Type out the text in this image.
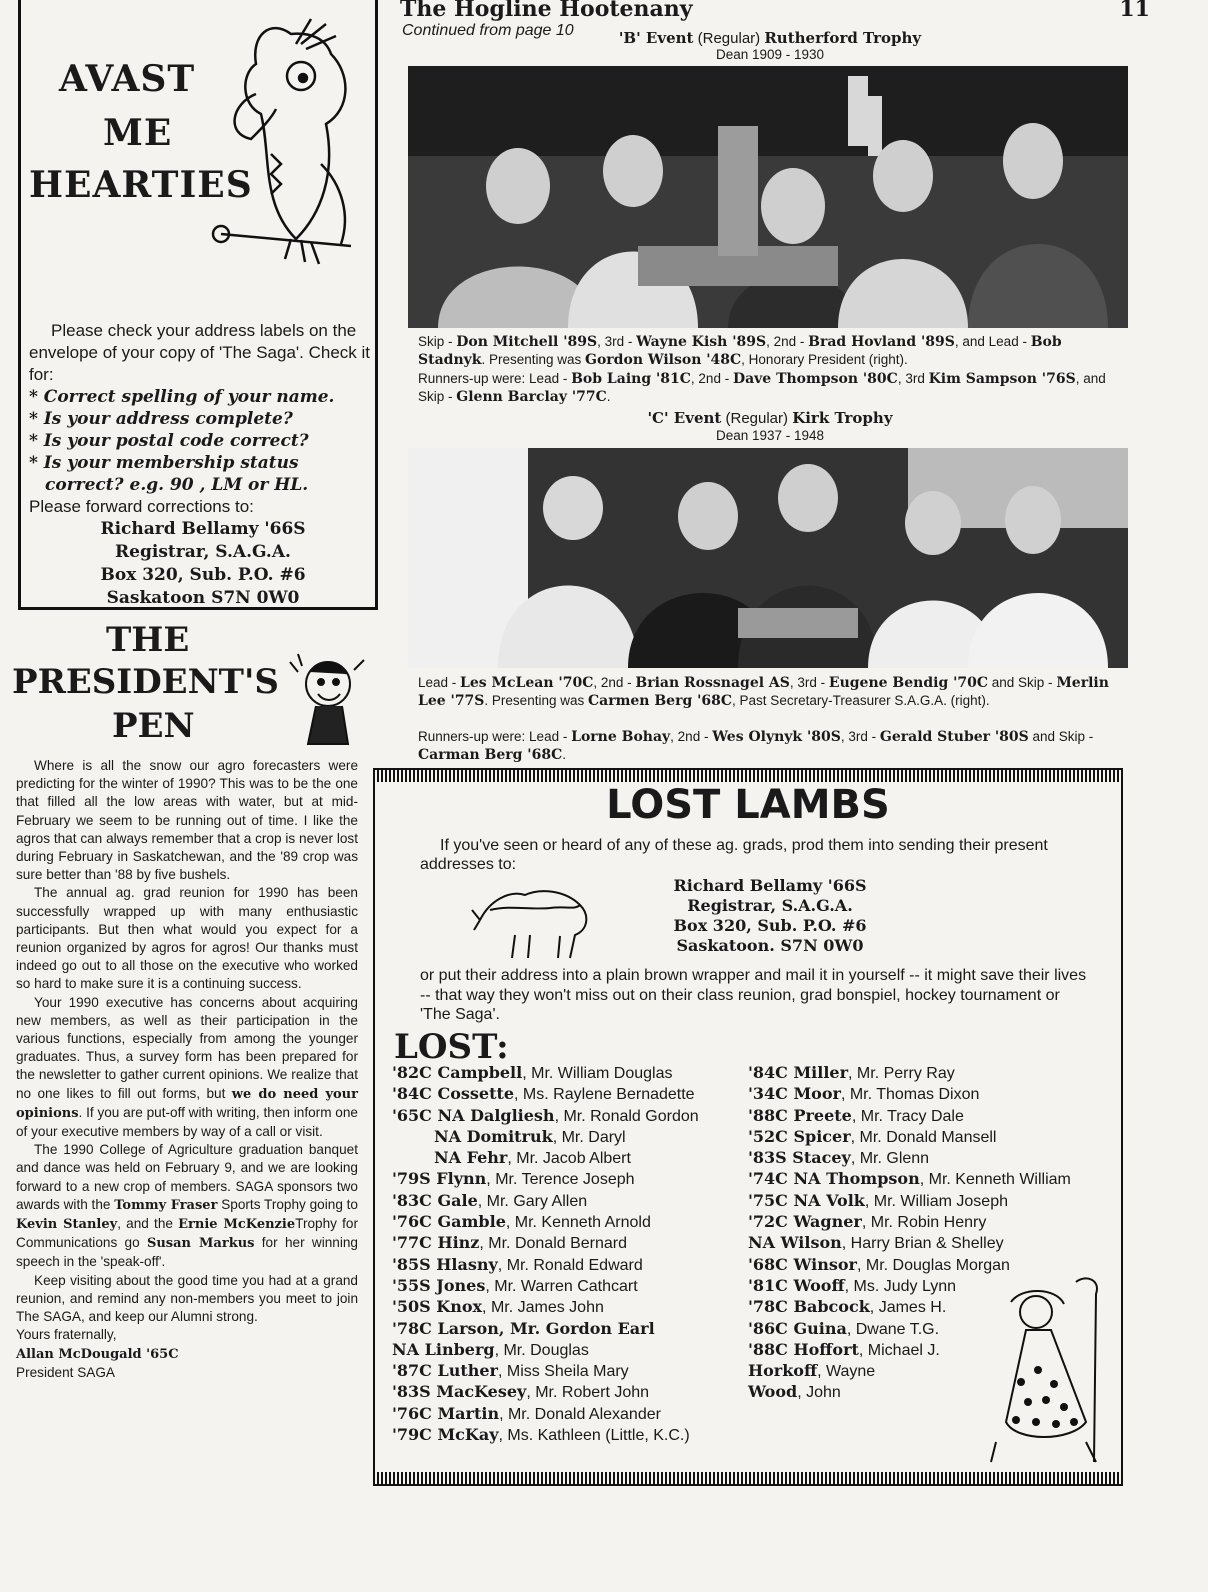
The Hogline Hootenany	11
Continued from page 10
AVAST
ME
HEARTIES
Please check your address labels on the envelope of your copy of 'The Saga'. Check it for:
* Correct spelling of your name.
* Is your address complete?
* Is your postal code correct?
* Is your membership status
correct? e.g. 90 , LM or HL.
Please forward corrections to:
Richard Bellamy '66S
Registrar, S.A.G.A.
Box 320, Sub. P.O. #6
Saskatoon S7N 0W0
THE
PRESIDENT'S
PEN

Where is all the snow our agro forecasters were predicting for the winter of 1990? This was to be the one that filled all the low areas with water, but at mid-February we seem to be running out of time. I like the agros that can always remember that a crop is never lost during February in Saskatchewan, and the '89 crop was sure better than '88 by five bushels.

The annual ag. grad reunion for 1990 has been successfully wrapped up with many enthusiastic participants. But then what would you expect for a reunion organized by agros for agros! Our thanks must indeed go out to all those on the executive who worked so hard to make sure it is a continuing success.

Your 1990 executive has concerns about acquiring new members, as well as their participation in the various functions, especially from among the younger graduates. Thus, a survey form has been prepared for the newsletter to gather current opinions. We realize that no one likes to fill out forms, but we do need your opinions. If you are put-off with writing, then inform one of your executive members by way of a call or visit.

The 1990 College of Agriculture graduation banquet and dance was held on February 9, and we are looking forward to a new crop of members. SAGA sponsors two awards with the Tommy Fraser Sports Trophy going to Kevin Stanley, and the Ernie McKenzieTrophy for Communications go Susan Markus for her winning speech in the 'speak-off'.

Keep visiting about the good time you had at a grand reunion, and remind any non-members you meet to join The SAGA, and keep our Alumni strong.

Yours fraternally,

Allan McDougald '65C

President SAGA

'B' Event (Regular) Rutherford Trophy
Dean 1909 - 1930
Skip - Don Mitchell '89S, 3rd - Wayne Kish '89S, 2nd - Brad Hovland '89S, and Lead - Bob Stadnyk. Presenting was Gordon Wilson '48C, Honorary President (right).
Runners-up were: Lead - Bob Laing '81C, 2nd - Dave Thompson '80C, 3rd Kim Sampson '76S, and Skip - Glenn Barclay '77C.
'C' Event (Regular) Kirk Trophy
Dean 1937 - 1948
Lead - Les McLean '70C, 2nd - Brian Rossnagel AS, 3rd - Eugene Bendig '70C and Skip - Merlin Lee '77S. Presenting was Carmen Berg '68C, Past Secretary-Treasurer S.A.G.A. (right).
Runners-up were: Lead - Lorne Bohay, 2nd - Wes Olynyk '80S, 3rd - Gerald Stuber '80S and Skip - Carman Berg '68C.
LOST LAMBS
If you've seen or heard of any of these ag. grads, prod them into sending their present addresses to:
Richard Bellamy '66S
Registrar, S.A.G.A.
Box 320, Sub. P.O. #6
Saskatoon. S7N 0W0
or put their address into a plain brown wrapper and mail it in yourself -- it might save their lives -- that way they won't miss out on their class reunion, grad bonspiel, hockey tournament or 'The Saga'.
LOST:
'82C Campbell, Mr. William Douglas
'84C Cossette, Ms. Raylene Bernadette
'65C NA Dalgliesh, Mr. Ronald Gordon
NA Domitruk, Mr. Daryl
NA Fehr, Mr. Jacob Albert
'79S Flynn, Mr. Terence Joseph
'83C Gale, Mr. Gary Allen
'76C Gamble, Mr. Kenneth Arnold
'77C Hinz, Mr. Donald Bernard
'85S Hlasny, Mr. Ronald Edward
'55S Jones, Mr. Warren Cathcart
'50S Knox, Mr. James John
'78C Larson, Mr. Gordon Earl
NA Linberg, Mr. Douglas
'87C Luther, Miss Sheila Mary
'83S MacKesey, Mr. Robert John
'76C Martin, Mr. Donald Alexander
'79C McKay, Ms. Kathleen (Little, K.C.)
'84C Miller, Mr. Perry Ray
'34C Moor, Mr. Thomas Dixon
'88C Preete, Mr. Tracy Dale
'52C Spicer, Mr. Donald Mansell
'83S Stacey, Mr. Glenn
'74C NA Thompson, Mr. Kenneth William
'75C NA Volk, Mr. William Joseph
'72C Wagner, Mr. Robin Henry
NA Wilson, Harry Brian & Shelley
'68C Winsor, Mr. Douglas Morgan
'81C Wooff, Ms. Judy Lynn
'78C Babcock, James H.
'86C Guina, Dwane T.G.
'88C Hoffort, Michael J.
Horkoff, Wayne
Wood, John
